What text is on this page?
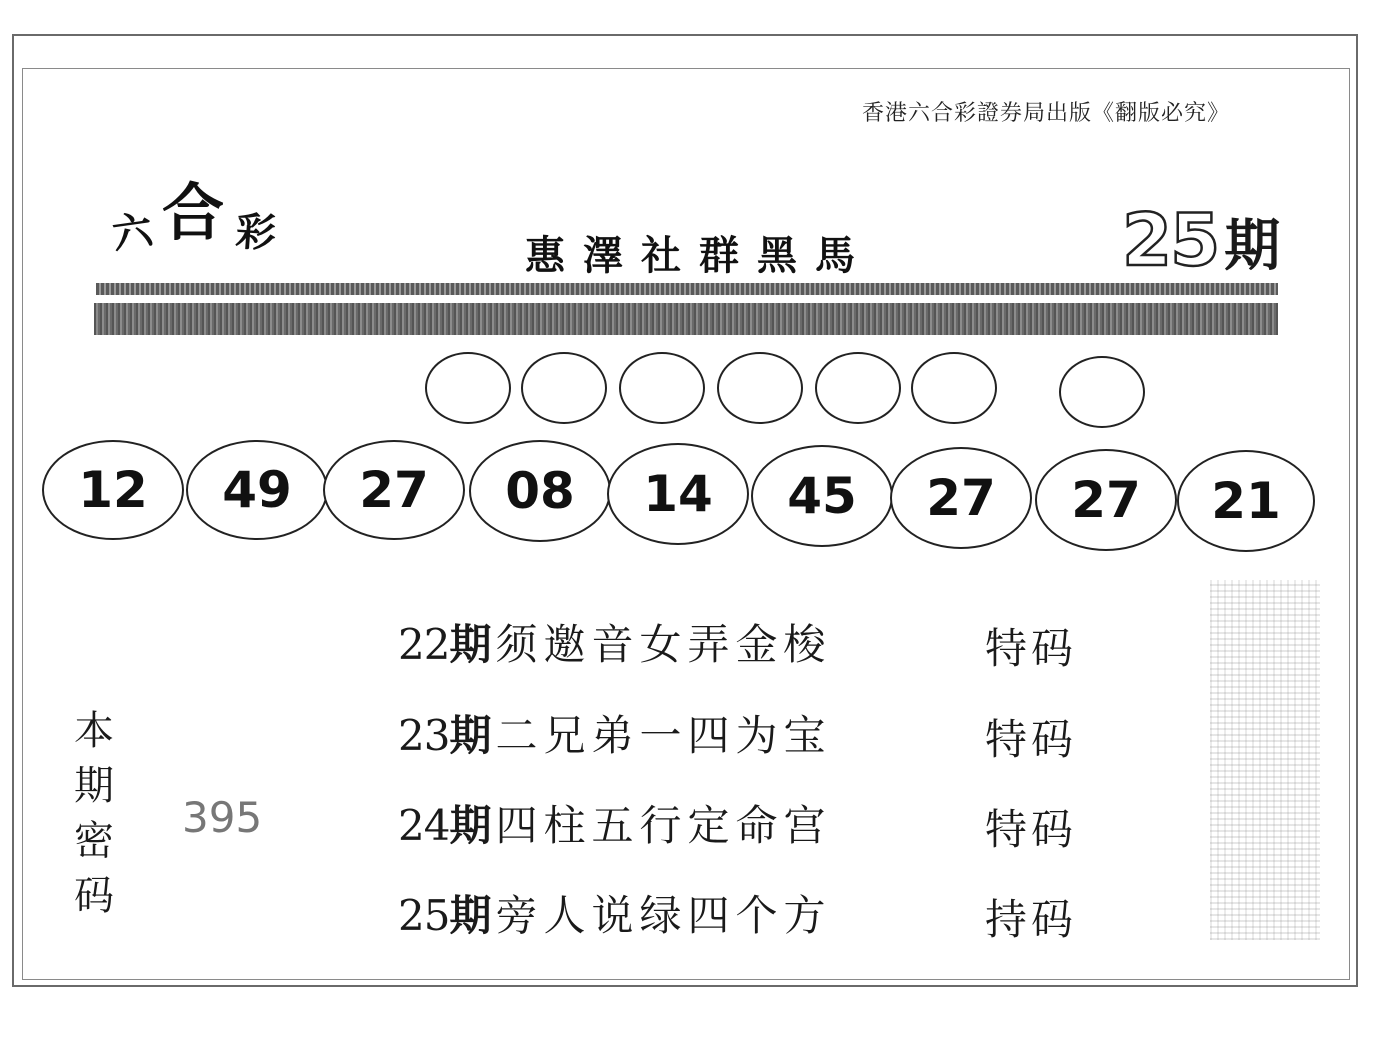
香港六合彩證券局出版《翻版必究》
六 合 彩	惠澤社群黑馬	25 期
12 49 27 08 14 45 27 27 21
22期须邀音女弄金梭	特码
23期二兄弟一四为宝	特码
24期四柱五行定命宫	特码
25期旁人说绿四个方	持码
本
期
密
码
395
